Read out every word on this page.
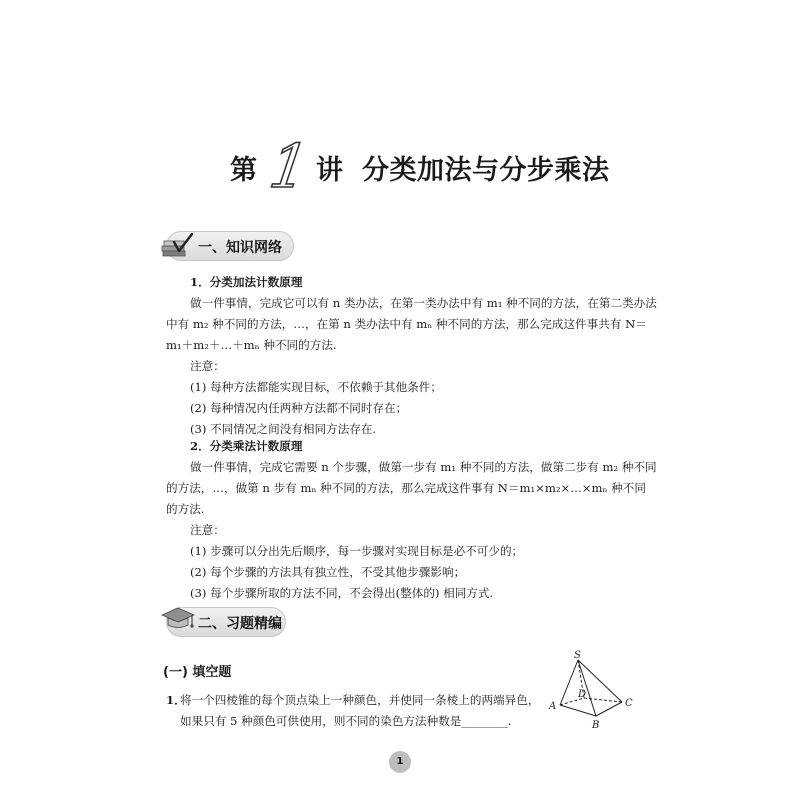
第 1 讲 分类加法与分步乘法
一、知识网络
1．分类加法计数原理
做一件事情，完成它可以有 n 类办法，在第一类办法中有 m₁ 种不同的方法，在第二类办法
中有 m₂ 种不同的方法，…，在第 n 类办法中有 mₙ 种不同的方法，那么完成这件事共有 N＝
m₁＋m₂＋…＋mₙ 种不同的方法.
注意：
(1) 每种方法都能实现目标，不依赖于其他条件；
(2) 每种情况内任两种方法都不同时存在；
(3) 不同情况之间没有相同方法存在.
2．分类乘法计数原理
做一件事情，完成它需要 n 个步骤，做第一步有 m₁ 种不同的方法，做第二步有 m₂ 种不同
的方法，…，做第 n 步有 mₙ 种不同的方法，那么完成这件事有 N＝m₁×m₂×…×mₙ 种不同
的方法.
注意：
(1) 步骤可以分出先后顺序，每一步骤对实现目标是必不可少的；
(2) 每个步骤的方法具有独立性，不受其他步骤影响；
(3) 每个步骤所取的方法不同，不会得出(整体的) 相同方式.
二、习题精编
(一) 填空题
1．
将一个四棱锥的每个顶点染上一种颜色，并使同一条棱上的两端异色，
如果只有 5 种颜色可供使用，则不同的染色方法种数是________.
S
A
B
C
D
1
